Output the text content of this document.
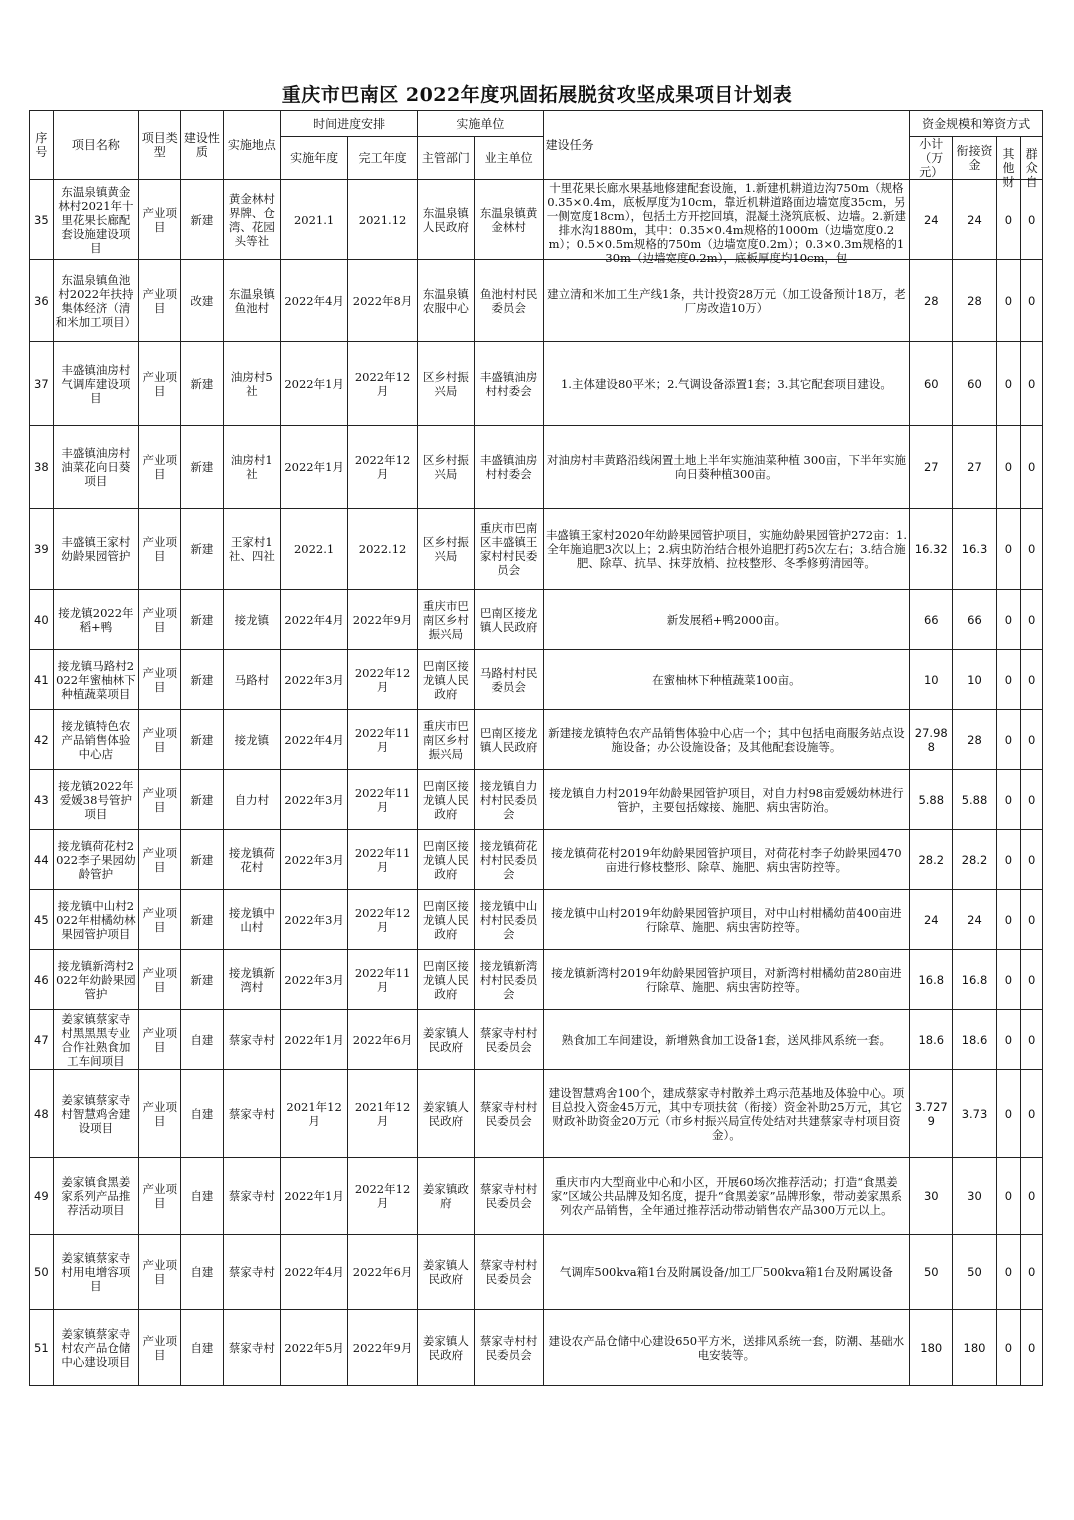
重庆市巴南区 2022年度巩固拓展脱贫攻坚成果项目计划表
序号	项目名称	项目类型	建设性质	实施地点	时间进度安排		实施单位		建设任务	资金规模和筹资方式			
					实施年度	完工年度	主管部门	业主单位		小计（万元）	衔接资金	其他财	群众自

35	东温泉镇黄金林村2021年十里花果长廊配套设施建设项目	产业项目	新建	黄金林村界牌、仓湾、花园头等社	2021.1	2021.12	东温泉镇人民政府	东温泉镇黄金林村	十里花果长廊水果基地修建配套设施，1.新建机耕道边沟750m（规格0.35×0.4m，底板厚度为10cm，靠近机耕道路面边墙宽度35cm，另一侧宽度18cm），包括土方开挖回填，混凝土浇筑底板、边墙。2.新建排水沟1880m，其中：0.35×0.4m规格的1000m（边墙宽度0.2m）；0.5×0.5m规格的750m（边墙宽度0.2m）；0.3×0.3m规格的130m（边墙宽度0.2m），底板厚度均10cm，包	24	24	0	0
36	东温泉镇鱼池村2022年扶持集体经济（清和米加工项目）	产业项目	改建	东温泉镇鱼池村	2022年4月	2022年8月	东温泉镇农服中心	鱼池村村民委员会	建立清和米加工生产线1条，共计投资28万元（加工设备预计18万，老厂房改造10万）	28	28	0	0
37	丰盛镇油房村气调库建设项目	产业项目	新建	油房村5社	2022年1月	2022年12月	区乡村振兴局	丰盛镇油房村村委会	1.主体建设80平米；2.气调设备添置1套；3.其它配套项目建设。	60	60	0	0
38	丰盛镇油房村油菜花向日葵项目	产业项目	新建	油房村1社	2022年1月	2022年12月	区乡村振兴局	丰盛镇油房村村委会	对油房村丰黄路沿线闲置土地上半年实施油菜种植 300亩，下半年实施向日葵种植300亩。	27	27	0	0
39	丰盛镇王家村幼龄果园管护	产业项目	新建	王家村1社、四社	2022.1	2022.12	区乡村振兴局	重庆市巴南区丰盛镇王家村村民委员会	丰盛镇王家村2020年幼龄果园管护项目，实施幼龄果园管护272亩：1.全年施追肥3次以上；2.病虫防治结合根外追肥打药5次左右；3.结合施肥、除草、抗旱、抹芽放梢、拉枝整形、冬季修剪清园等。	16.32	16.3	0	0
40	接龙镇2022年稻+鸭	产业项目	新建	接龙镇	2022年4月	2022年9月	重庆市巴南区乡村振兴局	巴南区接龙镇人民政府	新发展稻+鸭2000亩。	66	66	0	0
41	接龙镇马路村2022年蜜柚林下种植蔬菜项目	产业项目	新建	马路村	2022年3月	2022年12月	巴南区接龙镇人民政府	马路村村民委员会	在蜜柚林下种植蔬菜100亩。	10	10	0	0
42	接龙镇特色农产品销售体验中心店	产业项目	新建	接龙镇	2022年4月	2022年11月	重庆市巴南区乡村振兴局	巴南区接龙镇人民政府	新建接龙镇特色农产品销售体验中心店一个；其中包括电商服务站点设施设备；办公设施设备；及其他配套设施等。	27.988	28	0	0
43	接龙镇2022年爱媛38号管护项目	产业项目	新建	自力村	2022年3月	2022年11月	巴南区接龙镇人民政府	接龙镇自力村村民委员会	接龙镇自力村2019年幼龄果园管护项目，对自力村98亩爱媛幼林进行管护，主要包括嫁接、施肥、病虫害防治。	5.88	5.88	0	0
44	接龙镇荷花村2022李子果园幼龄管护	产业项目	新建	接龙镇荷花村	2022年3月	2022年11月	巴南区接龙镇人民政府	接龙镇荷花村村民委员会	接龙镇荷花村2019年幼龄果园管护项目，对荷花村李子幼龄果园470亩进行修枝整形、除草、施肥、病虫害防控等。	28.2	28.2	0	0
45	接龙镇中山村2022年柑橘幼林果园管护项目	产业项目	新建	接龙镇中山村	2022年3月	2022年12月	巴南区接龙镇人民政府	接龙镇中山村村民委员会	接龙镇中山村2019年幼龄果园管护项目，对中山村柑橘幼苗400亩进行除草、施肥、病虫害防控等。	24	24	0	0
46	接龙镇新湾村2022年幼龄果园管护	产业项目	新建	接龙镇新湾村	2022年3月	2022年11月	巴南区接龙镇人民政府	接龙镇新湾村村民委员会	接龙镇新湾村2019年幼龄果园管护项目，对新湾村柑橘幼苗280亩进行除草、施肥、病虫害防控等。	16.8	16.8	0	0
47	姜家镇蔡家寺村黑黑黑专业合作社熟食加工车间项目	产业项目	自建	蔡家寺村	2022年1月	2022年6月	姜家镇人民政府	蔡家寺村村民委员会	熟食加工车间建设，新增熟食加工设备1套，送风排风系统一套。	18.6	18.6	0	0
48	姜家镇蔡家寺村智慧鸡舍建设项目	产业项目	自建	蔡家寺村	2021年12月	2021年12月	姜家镇人民政府	蔡家寺村村民委员会	建设智慧鸡舍100个，建成蔡家寺村散养土鸡示范基地及体验中心。项目总投入资金45万元，其中专项扶贫（衔接）资金补助25万元，其它财政补助资金20万元（市乡村振兴局宣传处结对共建蔡家寺村项目资金）。	3.7279	3.73	0	0
49	姜家镇食黑姜家系列产品推荐活动项目	产业项目	自建	蔡家寺村	2022年1月	2022年12月	姜家镇政府	蔡家寺村村民委员会	重庆市内大型商业中心和小区，开展60场次推荐活动；打造“食黑姜家”区域公共品牌及知名度，提升“食黑姜家”品牌形象，带动姜家黑系列农产品销售，全年通过推荐活动带动销售农产品300万元以上。	30	30	0	0
50	姜家镇蔡家寺村用电增容项目	产业项目	自建	蔡家寺村	2022年4月	2022年6月	姜家镇人民政府	蔡家寺村村民委员会	气调库500kva箱1台及附属设备/加工厂500kva箱1台及附属设备	50	50	0	0
51	姜家镇蔡家寺村农产品仓储中心建设项目	产业项目	自建	蔡家寺村	2022年5月	2022年9月	姜家镇人民政府	蔡家寺村村民委员会	建设农产品仓储中心建设650平方米，送排风系统一套，防潮、基础水电安装等。	180	180	0	0
